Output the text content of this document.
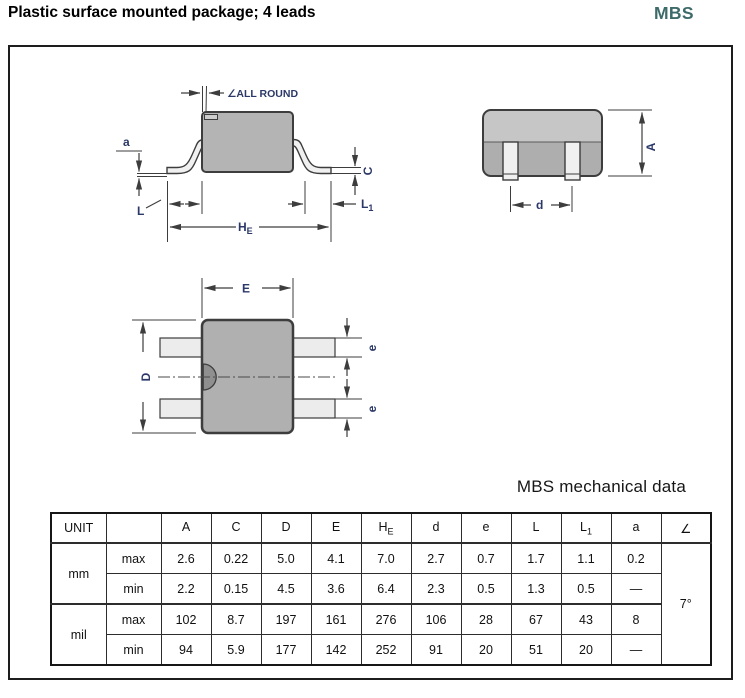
Plastic surface mounted package; 4 leads	MBS
∠ALL ROUND
a
L
$H_E$
C
$L_1$
A
d
E
D
e
e
MBS mechanical data
UNIT		A	C	D	E	$H_E$	d	e	L	$L_1$	a	∠
mm	max	2.6	0.22	5.0	4.1	7.0	2.7	0.7	1.7	1.1	0.2	7°
	min	2.2	0.15	4.5	3.6	6.4	2.3	0.5	1.3	0.5	—	
mil	max	102	8.7	197	161	276	106	28	67	43	8	
	min	94	5.9	177	142	252	91	20	51	20	—	
